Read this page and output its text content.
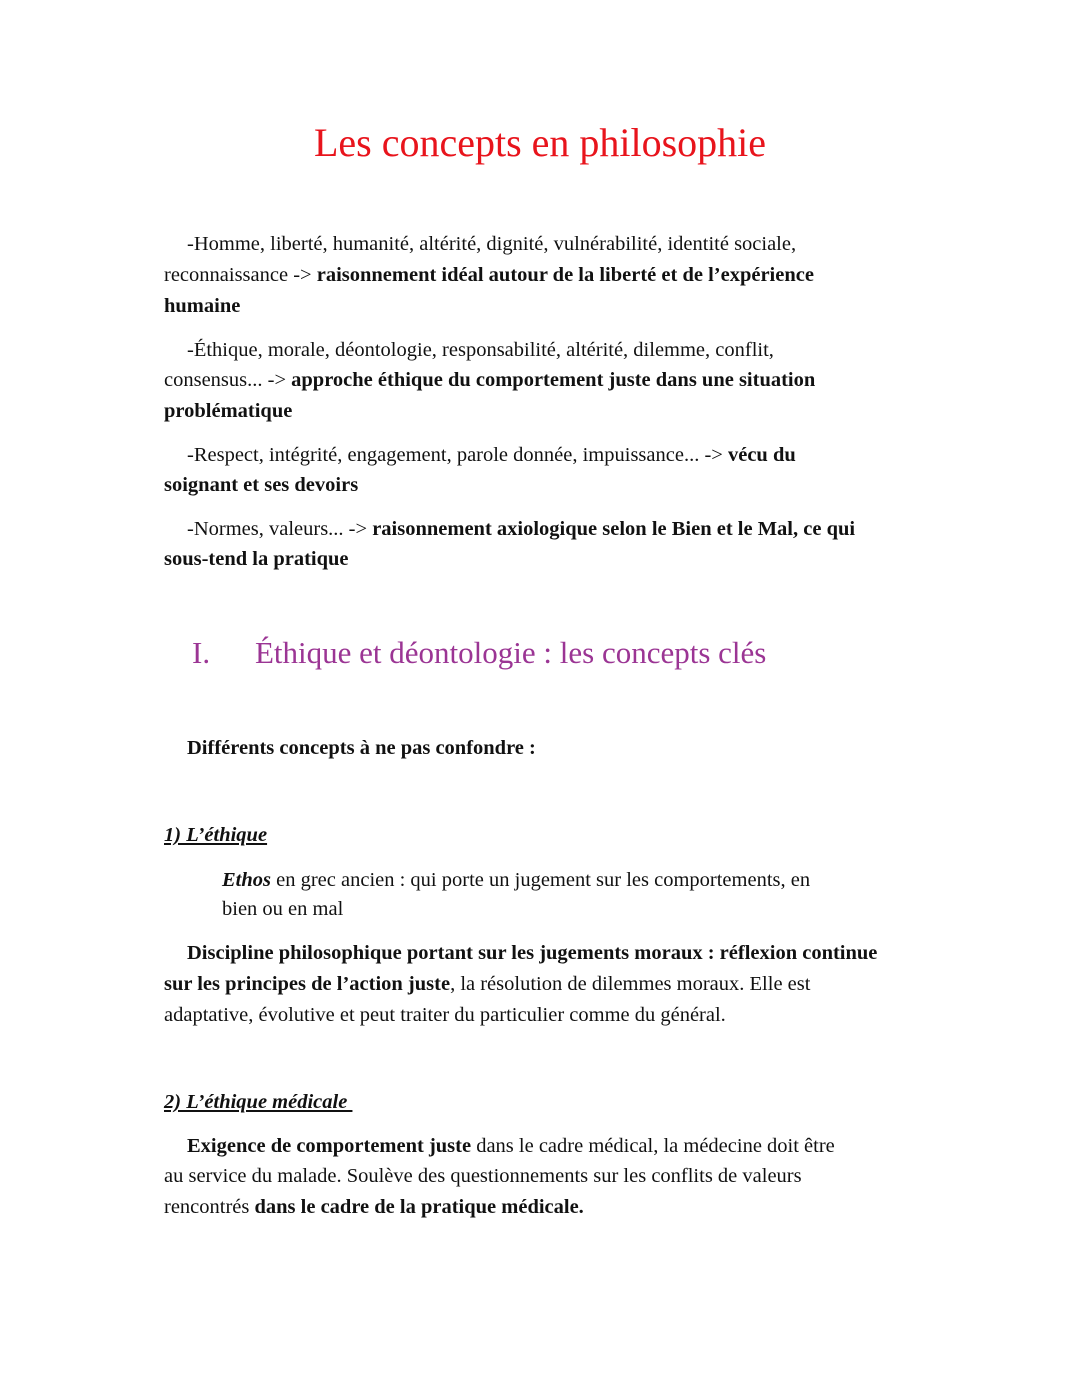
Les concepts en philosophie
-Homme, liberté, humanité, altérité, dignité, vulnérabilité, identité sociale,
reconnaissance -> raisonnement idéal autour de la liberté et de l’expérience
humaine
-Éthique, morale, déontologie, responsabilité, altérité, dilemme, conflit,
consensus... -> approche éthique du comportement juste dans une situation
problématique
-Respect, intégrité, engagement, parole donnée, impuissance... -> vécu du
soignant et ses devoirs
-Normes, valeurs... -> raisonnement axiologique selon le Bien et le Mal, ce qui
sous-tend la pratique
Différents concepts à ne pas confondre :
Ethos en grec ancien : qui porte un jugement sur les comportements, en
bien ou en mal
Discipline philosophique portant sur les jugements moraux : réflexion continue
sur les principes de l’action juste, la résolution de dilemmes moraux. Elle est
adaptative, évolutive et peut traiter du particulier comme du général.
Exigence de comportement juste dans le cadre médical, la médecine doit être
au service du malade. Soulève des questionnements sur les conflits de valeurs
rencontrés dans le cadre de la pratique médicale.
I. Éthique et déontologie : les concepts clés
1) L’éthique
2) L’éthique médicale
